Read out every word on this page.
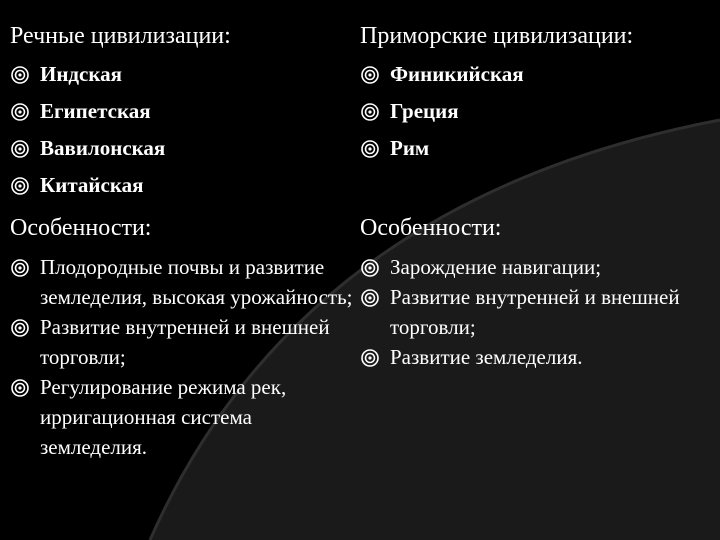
Речные цивилизации:
Индская
Египетская
Вавилонская
Китайская
Особенности:
Плодородные почвы и развитие земледелия, высокая урожайность;
Развитие внутренней и внешней торговли;
Регулирование режима рек, ирригационная система земледелия.
Приморские цивилизации:
Финикийская
Греция
Рим
Особенности:
Зарождение навигации;
Развитие внутренней и внешней торговли;
Развитие земледелия.
